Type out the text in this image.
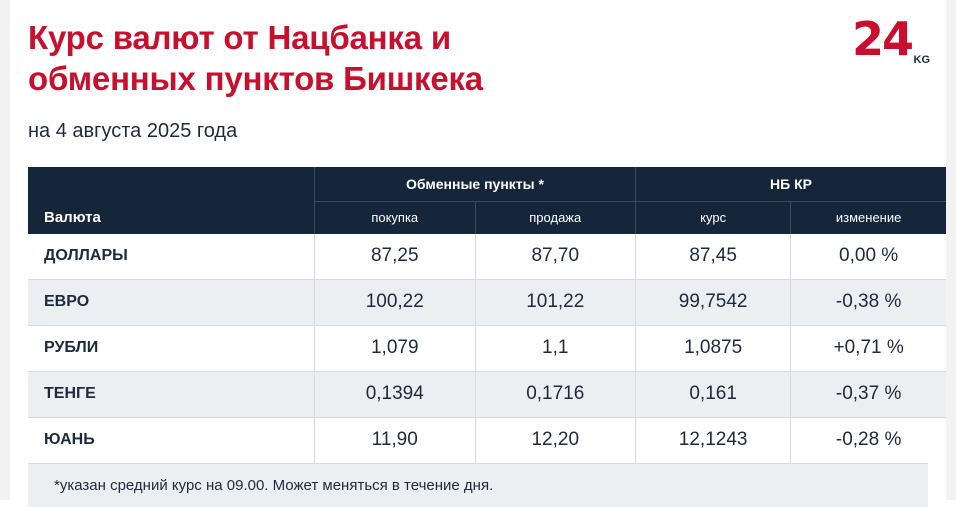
Курс валют от Нацбанка и
обменных пунктов Бишкека
на 4 августа 2025 года
24 KG
Валюта	Обменные пункты *		НБ КР	
	покупка	продажа	курс	изменение
ДОЛЛАРЫ	87,25	87,70	87,45	0,00 %
ЕВРО	100,22	101,22	99,7542	-0,38 %
РУБЛИ	1,079	1,1	1,0875	+0,71 %
ТЕНГЕ	0,1394	0,1716	0,161	-0,37 %
ЮАНЬ	11,90	12,20	12,1243	-0,28 %
*указан средний курс на 09.00. Может меняться в течение дня.
